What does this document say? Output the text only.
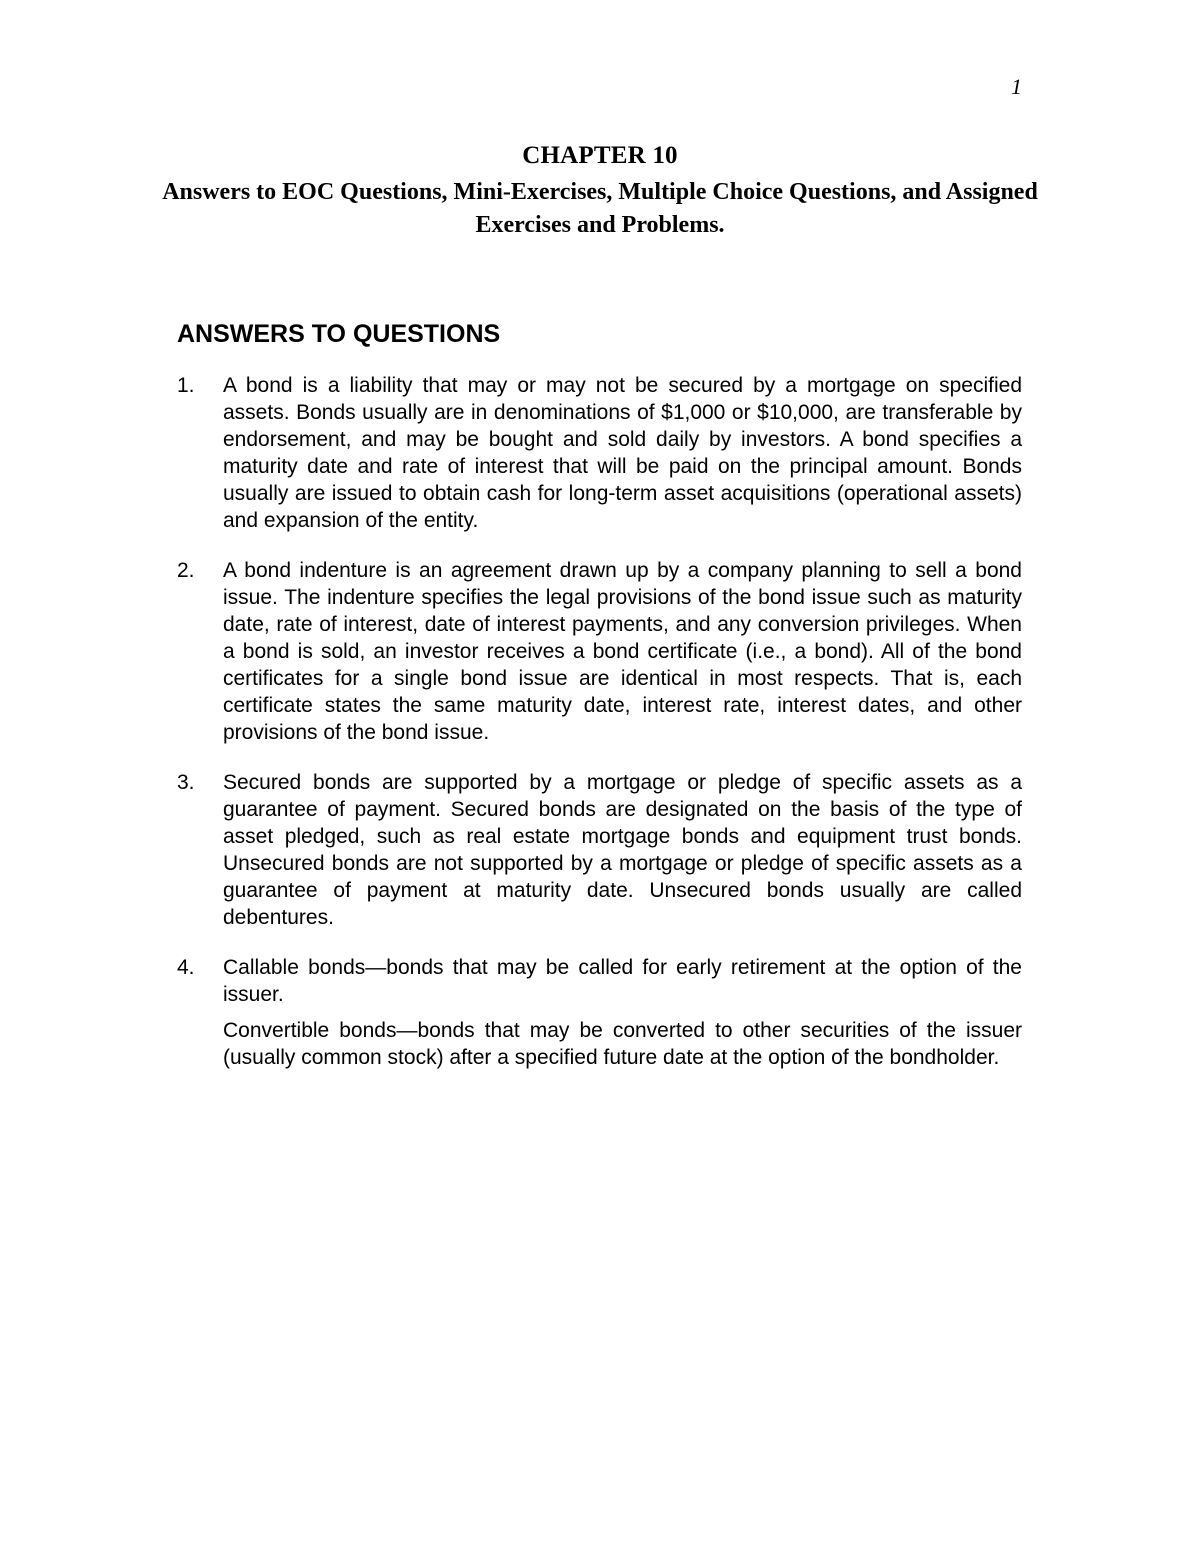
1
CHAPTER 10
Answers to EOC Questions, Mini-Exercises, Multiple Choice Questions, and Assigned Exercises and Problems.
ANSWERS TO QUESTIONS
1. A bond is a liability that may or may not be secured by a mortgage on specified assets. Bonds usually are in denominations of $1,000 or $10,000, are transferable by endorsement, and may be bought and sold daily by investors. A bond specifies a maturity date and rate of interest that will be paid on the principal amount. Bonds usually are issued to obtain cash for long-term asset acquisitions (operational assets) and expansion of the entity.

2. A bond indenture is an agreement drawn up by a company planning to sell a bond issue. The indenture specifies the legal provisions of the bond issue such as maturity date, rate of interest, date of interest payments, and any conversion privileges. When a bond is sold, an investor receives a bond certificate (i.e., a bond). All of the bond certificates for a single bond issue are identical in most respects. That is, each certificate states the same maturity date, interest rate, interest dates, and other provisions of the bond issue.

3. Secured bonds are supported by a mortgage or pledge of specific assets as a guarantee of payment. Secured bonds are designated on the basis of the type of asset pledged, such as real estate mortgage bonds and equipment trust bonds. Unsecured bonds are not supported by a mortgage or pledge of specific assets as a guarantee of payment at maturity date. Unsecured bonds usually are called debentures.

4. Callable bonds—bonds that may be called for early retirement at the option of the issuer.

Convertible bonds—bonds that may be converted to other securities of the issuer (usually common stock) after a specified future date at the option of the bondholder.
